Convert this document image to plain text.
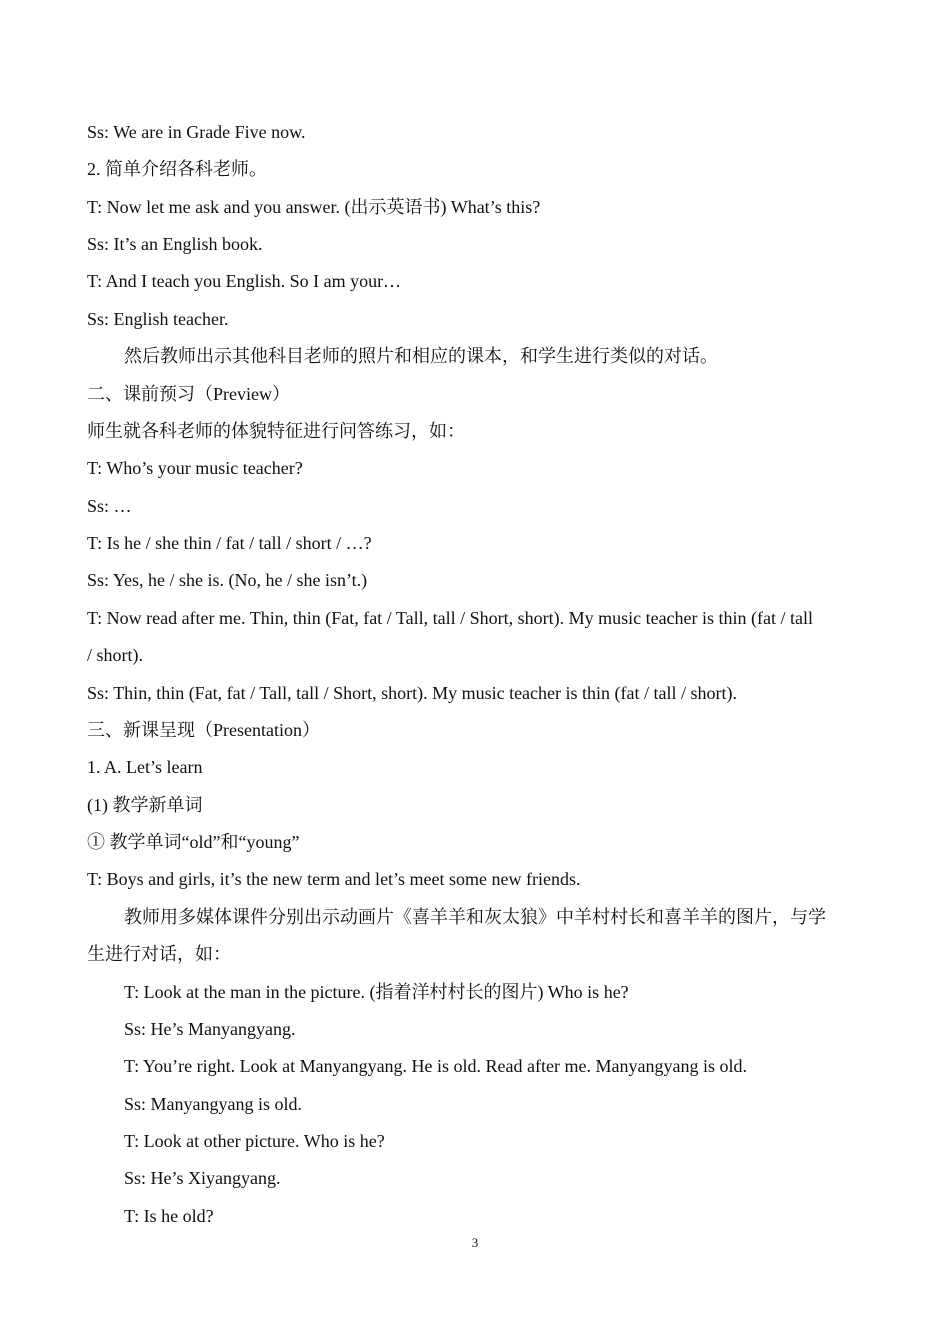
Ss: We are in Grade Five now.
2. 简单介绍各科老师。
T: Now let me ask and you answer. (出示英语书) What’s this?
Ss: It’s an English book.
T: And I teach you English. So I am your…
Ss: English teacher.
然后教师出示其他科目老师的照片和相应的课本，和学生进行类似的对话。
二、课前预习（Preview）
师生就各科老师的体貌特征进行问答练习，如：
T: Who’s your music teacher?
Ss: …
T: Is he / she thin / fat / tall / short / …?
Ss: Yes, he / she is. (No, he / she isn’t.)
T: Now read after me. Thin, thin (Fat, fat / Tall, tall / Short, short). My music teacher is thin (fat / tall
/ short).
Ss: Thin, thin (Fat, fat / Tall, tall / Short, short). My music teacher is thin (fat / tall / short).
三、新课呈现（Presentation）
1. A. Let’s learn
(1) 教学新单词
① 教学单词“old”和“young”
T: Boys and girls, it’s the new term and let’s meet some new friends.
教师用多媒体课件分别出示动画片《喜羊羊和灰太狼》中羊村村长和喜羊羊的图片，与学
生进行对话，如：
T: Look at the man in the picture. (指着洋村村长的图片) Who is he?
Ss: He’s Manyangyang.
T: You’re right. Look at Manyangyang. He is old. Read after me. Manyangyang is old.
Ss: Manyangyang is old.
T: Look at other picture. Who is he?
Ss: He’s Xiyangyang.
T: Is he old?
3
